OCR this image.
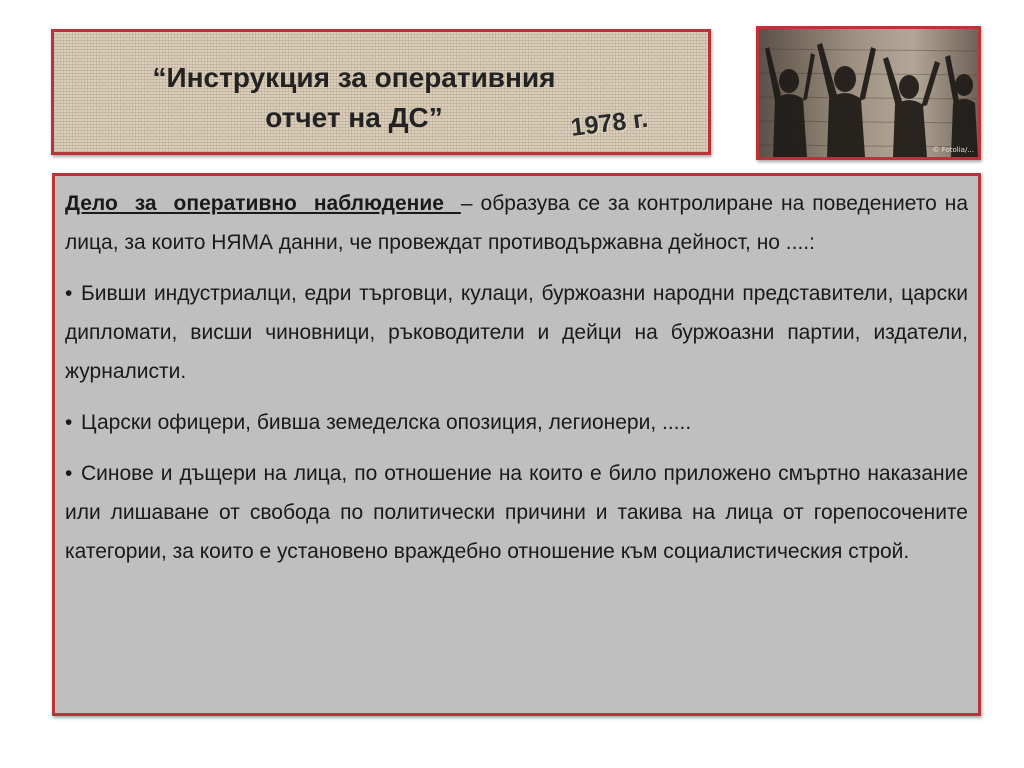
“Инструкция за оперативния
отчет на ДС”	1978 г.
© Fotolia/...

Дело за оперативно наблюдение – образува се за контролиране на поведението на лица, за които НЯМА данни, че провеждат противодържавна дейност, но ....:

• Бивши индустриалци, едри търговци, кулаци, буржоазни народни представители, царски дипломати, висши чиновници, ръководители и дейци на буржоазни партии, издатели, журналисти.

• Царски офицери, бивша земеделска опозиция, легионери, .....

• Синове и дъщери на лица, по отношение на които е било приложено смъртно наказание или лишаване от свобода по политически причини и такива на лица от горепосочените категории, за които е установено враждебно отношение към социалистическия строй.
